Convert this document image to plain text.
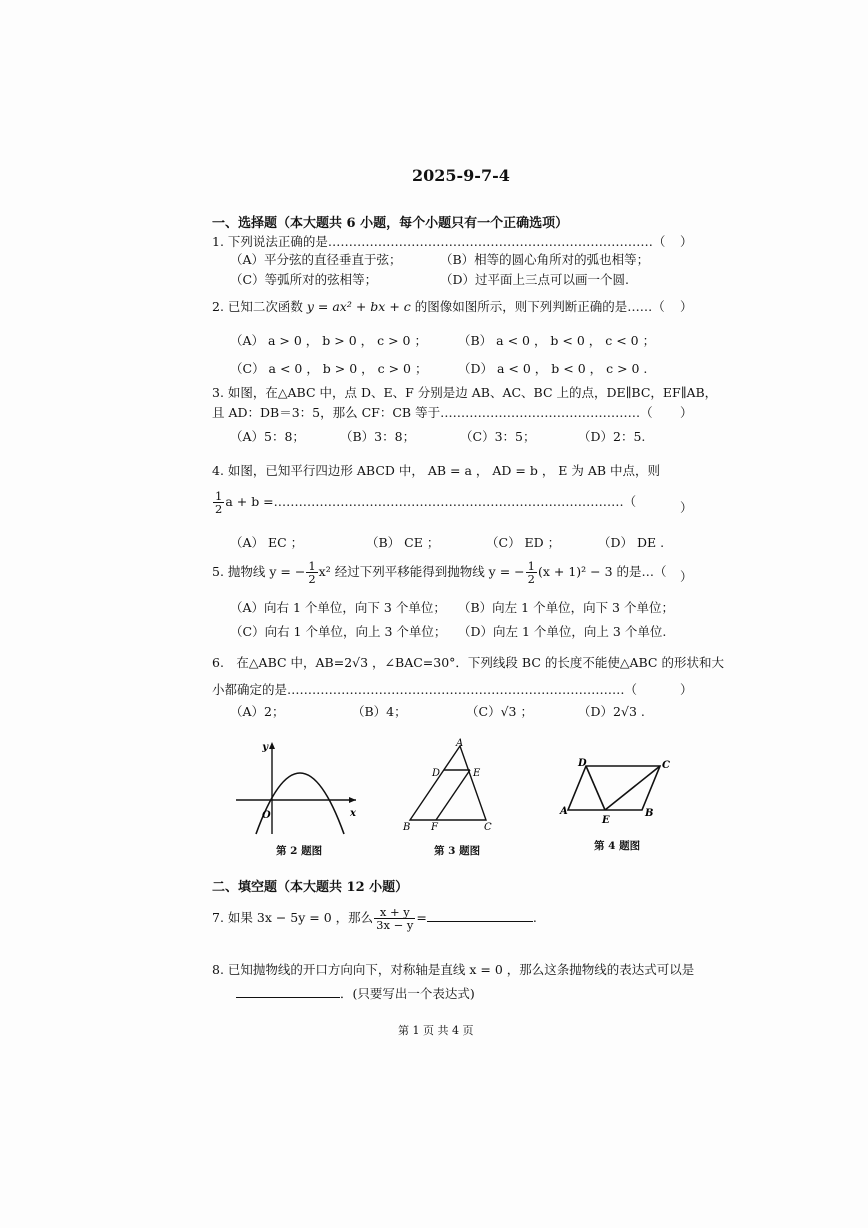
2025-9-7-4
一、选择题（本大题共 6 小题，每个小题只有一个正确选项）
1. 下列说法正确的是……………………………………………………………………（ ）
（A）平分弦的直径垂直于弦；	（B）相等的圆心角所对的弧也相等；
（C）等弧所对的弦相等；	（D）过平面上三点可以画一个圆.
2. 已知二次函数 y = ax² + bx + c 的图像如图所示，则下列判断正确的是……（ ）
（A） a > 0 ， b > 0 ， c > 0 ； （B） a < 0 ， b < 0 ， c < 0 ；
（C） a < 0 ， b > 0 ， c > 0 ； （D） a < 0 ， b < 0 ， c > 0 .
3. 如图，在△ABC 中，点 D、E、F 分别是边 AB、AC、BC 上的点，DE∥BC，EF∥AB，
且 AD：DB＝3：5，那么 CF：CB 等于…………………………………………（ ）
（A）5：8；	（B）3：8；	（C）3：5；	（D）2：5.
4. 如图，已知平行四边形 ABCD 中， AB = a ， AD = b ， E 为 AB 中点，则
$\frac{1}{2}$ a + b =…………………………………………………………………………（	）
（A） EC ；	（B） CE ；	（C） ED ；	（D） DE .
5. 抛物线 y = − $\frac{1}{2} x^2$ 经过下列平移能得到抛物线 y = − $\frac{1}{2} (x + 1)^2 - 3$ 的是…（ ）
（A）向右 1 个单位，向下 3 个单位； （B）向左 1 个单位，向下 3 个单位；
（C）向右 1 个单位，向上 3 个单位； （D）向左 1 个单位，向上 3 个单位.
6.　在△ABC 中，AB=2√3 ，∠BAC=30°．下列线段 BC 的长度不能使△ABC 的形状和大
小都确定的是………………………………………………………………………（	）
（A）2；	（B）4；	（C）√3 ；	（D）2√3 .
y
O	x
第 2 题图
A
D	E
B F	C
第 3 题图
D	C
A
E
B
第 4 题图
二、填空题（本大题共 12 小题）
7. 如果 3x − 5y = 0 ，那么 $\frac{x + y}{3x - y}$ =	.
8. 已知抛物线的开口方向向下，对称轴是直线 x = 0 ，那么这条抛物线的表达式可以是
．(只要写出一个表达式)
第 1 页 共 4 页
